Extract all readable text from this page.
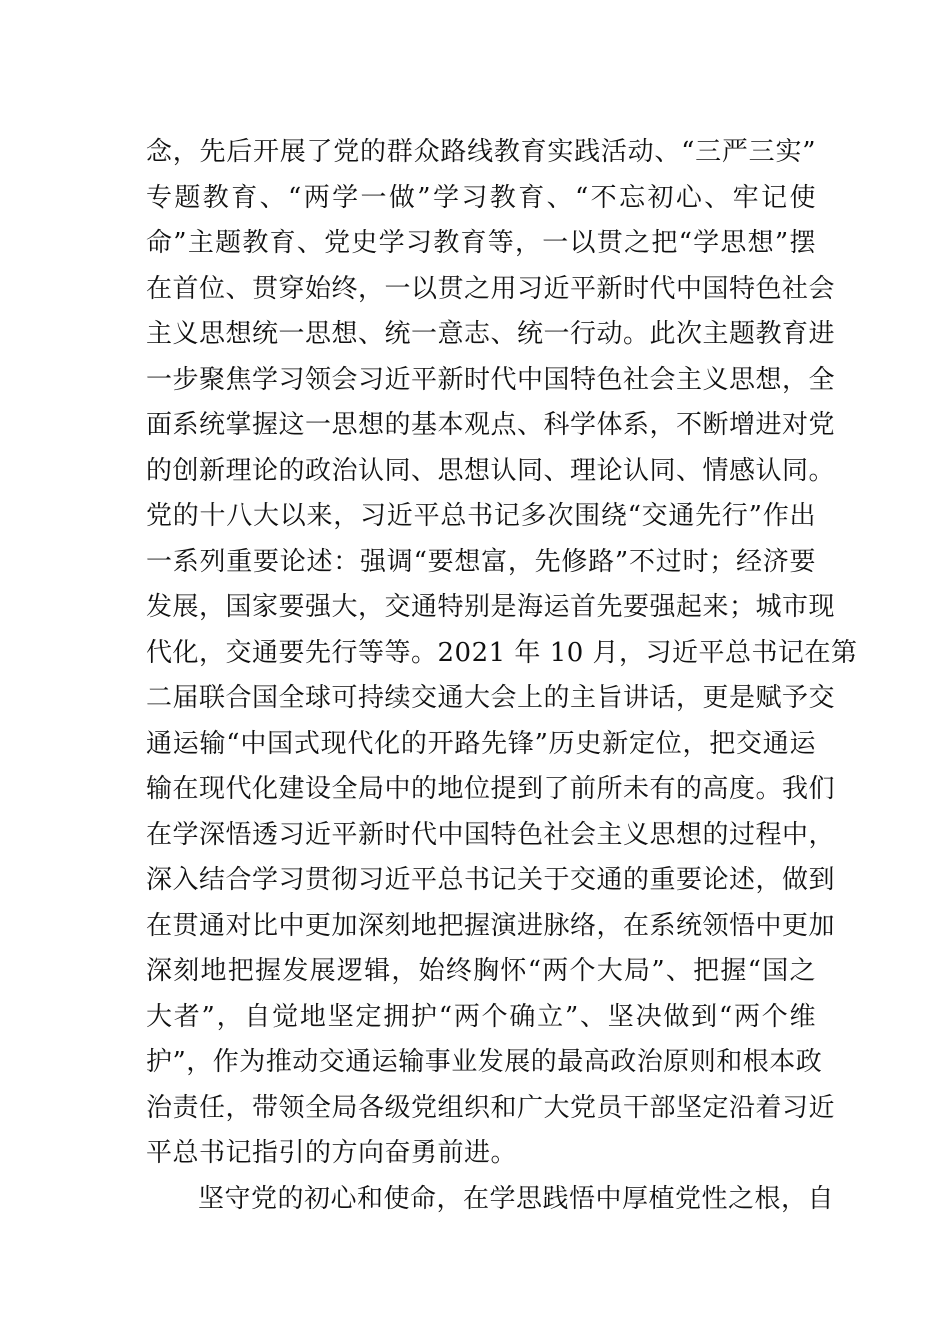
念，先后开展了党的群众路线教育实践活动、“三严三实”
专题教育、“两学一做”学习教育、“不忘初心、牢记使
命”主题教育、党史学习教育等，一以贯之把“学思想”摆
在首位、贯穿始终，一以贯之用习近平新时代中国特色社会
主义思想统一思想、统一意志、统一行动。此次主题教育进
一步聚焦学习领会习近平新时代中国特色社会主义思想，全
面系统掌握这一思想的基本观点、科学体系，不断增进对党
的创新理论的政治认同、思想认同、理论认同、情感认同。
党的十八大以来，习近平总书记多次围绕“交通先行”作出
一系列重要论述：强调“要想富，先修路”不过时；经济要
发展，国家要强大，交通特别是海运首先要强起来；城市现
代化，交通要先行等等。2021 年 10 月，习近平总书记在第
二届联合国全球可持续交通大会上的主旨讲话，更是赋予交
通运输“中国式现代化的开路先锋”历史新定位，把交通运
输在现代化建设全局中的地位提到了前所未有的高度。我们
在学深悟透习近平新时代中国特色社会主义思想的过程中，
深入结合学习贯彻习近平总书记关于交通的重要论述，做到
在贯通对比中更加深刻地把握演进脉络，在系统领悟中更加
深刻地把握发展逻辑，始终胸怀“两个大局”、把握“国之
大者”，自觉地坚定拥护“两个确立”、坚决做到“两个维
护”，作为推动交通运输事业发展的最高政治原则和根本政
治责任，带领全局各级党组织和广大党员干部坚定沿着习近
平总书记指引的方向奋勇前进。
坚守党的初心和使命，在学思践悟中厚植党性之根，自
